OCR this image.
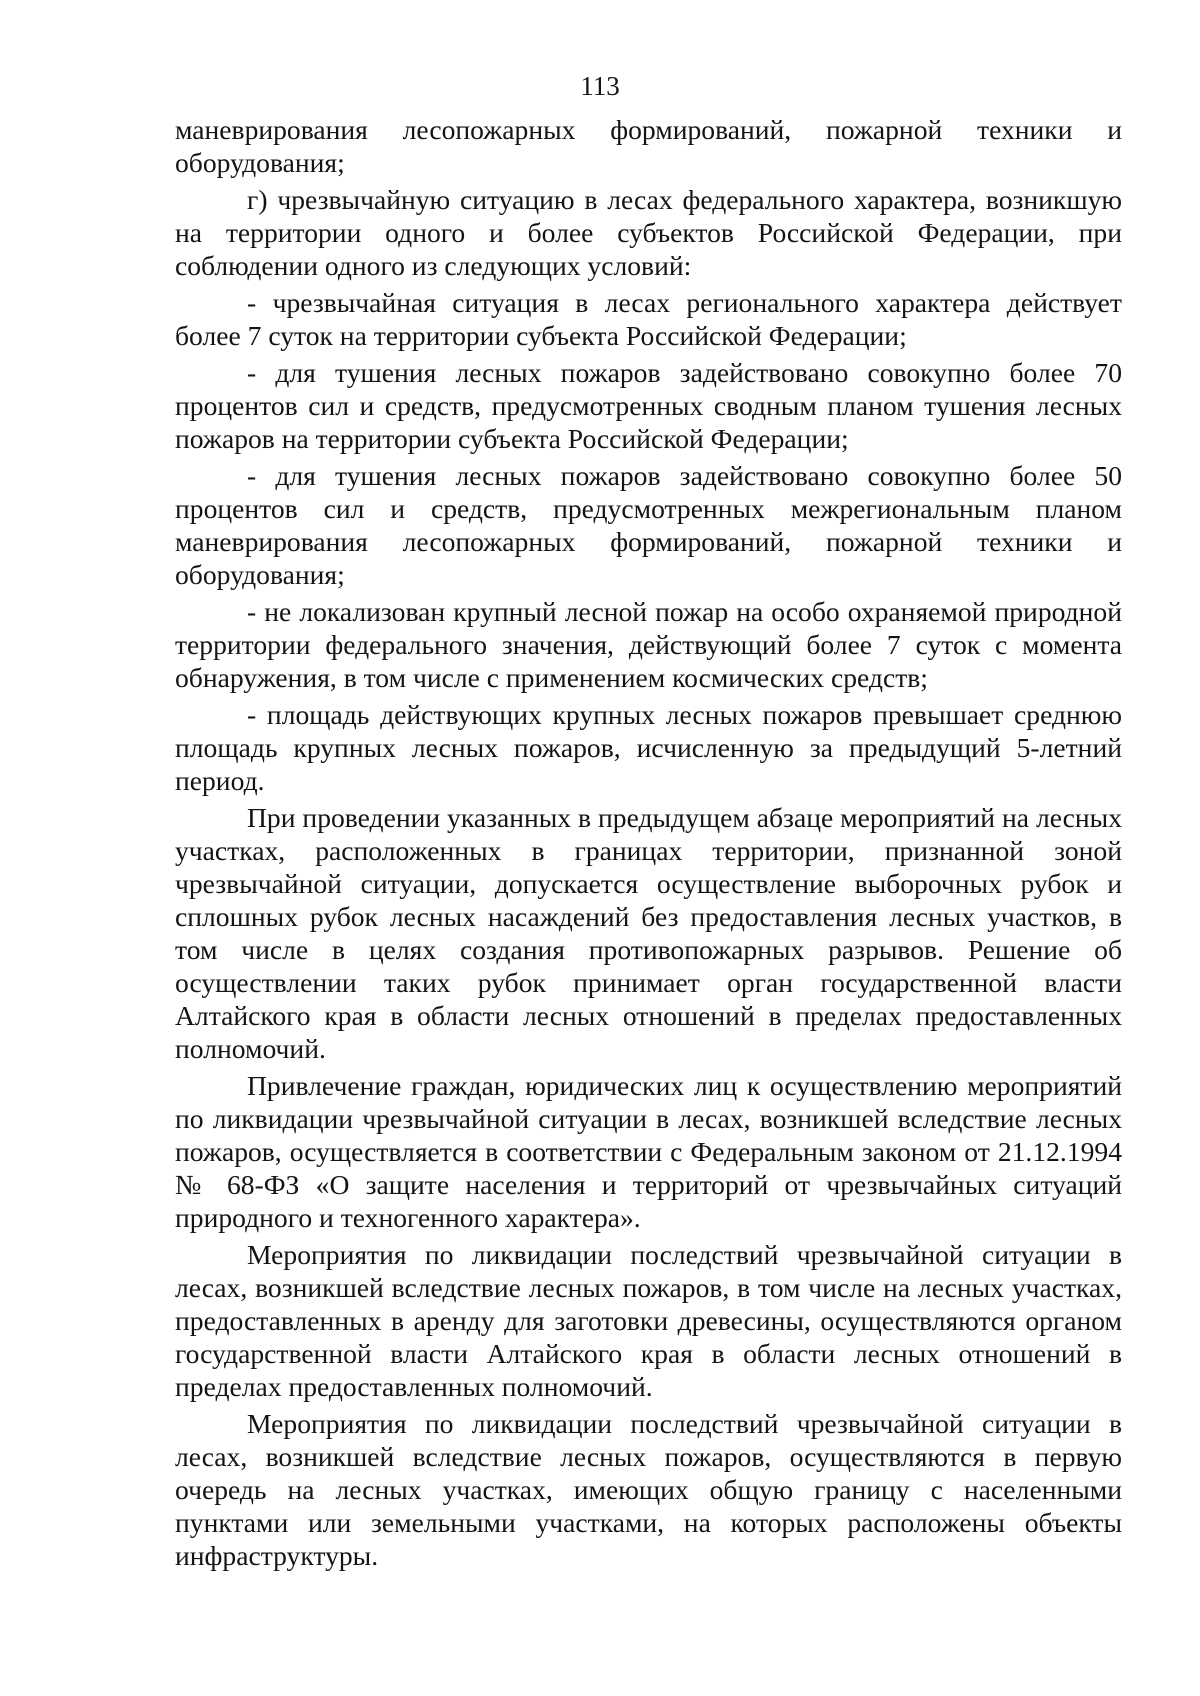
113

маневрирования лесопожарных формирований, пожарной техники и оборудования;

г) чрезвычайную ситуацию в лесах федерального характера, возникшую на территории одного и более субъектов Российской Федерации, при соблюдении одного из следующих условий:

- чрезвычайная ситуация в лесах регионального характера действует более 7 суток на территории субъекта Российской Федерации;

- для тушения лесных пожаров задействовано совокупно более 70 процентов сил и средств, предусмотренных сводным планом тушения лесных пожаров на территории субъекта Российской Федерации;

- для тушения лесных пожаров задействовано совокупно более 50 процентов сил и средств, предусмотренных межрегиональным планом маневрирования лесопожарных формирований, пожарной техники и оборудования;

- не локализован крупный лесной пожар на особо охраняемой природной территории федерального значения, действующий более 7 суток с момента обнаружения, в том числе с применением космических средств;

- площадь действующих крупных лесных пожаров превышает среднюю площадь крупных лесных пожаров, исчисленную за предыдущий 5-летний период.

При проведении указанных в предыдущем абзаце мероприятий на лесных участках, расположенных в границах территории, признанной зоной чрезвычайной ситуации, допускается осуществление выборочных рубок и сплошных рубок лесных насаждений без предоставления лесных участков, в том числе в целях создания противопожарных разрывов. Решение об осуществлении таких рубок принимает орган государственной власти Алтайского края в области лесных отношений в пределах предоставленных полномочий.

Привлечение граждан, юридических лиц к осуществлению мероприятий по ликвидации чрезвычайной ситуации в лесах, возникшей вследствие лесных пожаров, осуществляется в соответствии с Федеральным законом от 21.12.1994 № 68-ФЗ «О защите населения и территорий от чрезвычайных ситуаций природного и техногенного характера».

Мероприятия по ликвидации последствий чрезвычайной ситуации в лесах, возникшей вследствие лесных пожаров, в том числе на лесных участках, предоставленных в аренду для заготовки древесины, осуществляются органом государственной власти Алтайского края в области лесных отношений в пределах предоставленных полномочий.

Мероприятия по ликвидации последствий чрезвычайной ситуации в лесах, возникшей вследствие лесных пожаров, осуществляются в первую очередь на лесных участках, имеющих общую границу с населенными пунктами или земельными участками, на которых расположены объекты инфраструктуры.
